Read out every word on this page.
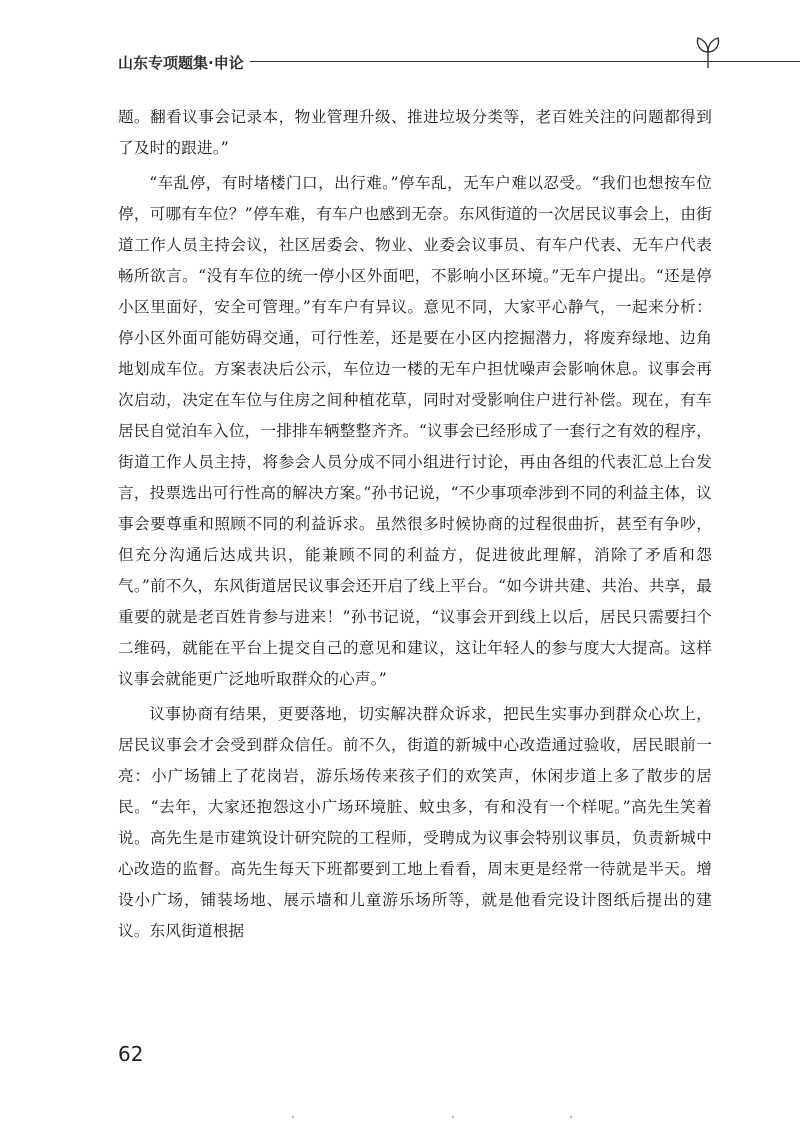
山东专项题集·申论

题。翻看议事会记录本，物业管理升级、推进垃圾分类等，老百姓关注的问题都得到了及时的跟进。”

“车乱停，有时堵楼门口，出行难。”停车乱，无车户难以忍受。“我们也想按车位停，可哪有车位？”停车难，有车户也感到无奈。东风街道的一次居民议事会上，由街道工作人员主持会议，社区居委会、物业、业委会议事员、有车户代表、无车户代表畅所欲言。“没有车位的统一停小区外面吧，不影响小区环境。”无车户提出。“还是停小区里面好，安全可管理。”有车户有异议。意见不同，大家平心静气，一起来分析：停小区外面可能妨碍交通，可行性差，还是要在小区内挖掘潜力，将废弃绿地、边角地划成车位。方案表决后公示，车位边一楼的无车户担忧噪声会影响休息。议事会再次启动，决定在车位与住房之间种植花草，同时对受影响住户进行补偿。现在，有车居民自觉泊车入位，一排排车辆整整齐齐。“议事会已经形成了一套行之有效的程序，街道工作人员主持，将参会人员分成不同小组进行讨论，再由各组的代表汇总上台发言，投票选出可行性高的解决方案。”孙书记说，“不少事项牵涉到不同的利益主体，议事会要尊重和照顾不同的利益诉求。虽然很多时候协商的过程很曲折，甚至有争吵，但充分沟通后达成共识，能兼顾不同的利益方，促进彼此理解，消除了矛盾和怨气。”前不久，东风街道居民议事会还开启了线上平台。“如今讲共建、共治、共享，最重要的就是老百姓肯参与进来！”孙书记说，“议事会开到线上以后，居民只需要扫个二维码，就能在平台上提交自己的意见和建议，这让年轻人的参与度大大提高。这样议事会就能更广泛地听取群众的心声。”

议事协商有结果，更要落地，切实解决群众诉求，把民生实事办到群众心坎上，居民议事会才会受到群众信任。前不久，街道的新城中心改造通过验收，居民眼前一亮：小广场铺上了花岗岩，游乐场传来孩子们的欢笑声，休闲步道上多了散步的居民。“去年，大家还抱怨这小广场环境脏、蚊虫多，有和没有一个样呢。”高先生笑着说。高先生是市建筑设计研究院的工程师，受聘成为议事会特别议事员，负责新城中心改造的监督。高先生每天下班都要到工地上看看，周末更是经常一待就是半天。增设小广场，铺装场地、展示墙和儿童游乐场所等，就是他看完设计图纸后提出的建议。东风街道根据

62
